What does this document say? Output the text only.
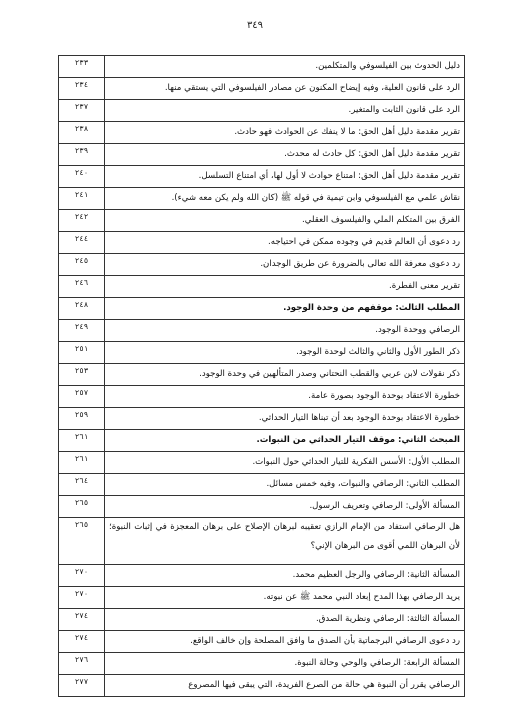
٣٤٩
دليل الحدوث بين الفيلسوفي والمتكلمين.	٢٣٣
الرد على قانون العلية، وفيه إيضاح المكنون عن مصادر الفيلسوفي التي يستقي منها.	٢٣٤
الرد على قانون الثابت والمتغير.	٢٣٧
تقرير مقدمة دليل أهل الحق: ما لا ينفك عن الحوادث فهو حادث.	٢٣٨
تقرير مقدمة دليل أهل الحق: كل حادث له محدث.	٢٣٩
تقرير مقدمة دليل أهل الحق: امتناع حوادث لا أول لها، أي امتناع التسلسل.	٢٤٠
نقاش علمي مع الفيلسوفي وابن تيمية في قوله ﷺ (كان الله ولم يكن معه شيء).	٢٤١
الفرق بين المتكلم الملي والفيلسوف العقلي.	٢٤٢
رد دعوى أن العالم قديم في وجوده ممكن في احتياجه.	٢٤٤
رد دعوى معرفة الله تعالى بالضرورة عن طريق الوجدان.	٢٤٥
تقرير معنى الفطرة.	٢٤٦
المطلب الثالث: موقفهم من وحدة الوجود.	٢٤٨
الرصافي ووحدة الوجود.	٢٤٩
ذكر الطور الأول والثاني والثالث لوحدة الوجود.	٢٥١
ذكر نقولات لابن عربي والقطب النحتاني وصدر المتألهين في وحدة الوجود.	٢٥٣
خطورة الاعتقاد بوحدة الوجود بصورة عامة.	٢٥٧
خطورة الاعتقاد بوحدة الوجود بعد أن تبناها التيار الحداثي.	٢٥٩
المبحث الثاني: موقف التيار الحداثي من النبوات.	٢٦١
المطلب الأول: الأسس الفكرية للتيار الحداثي حول النبوات.	٢٦١
المطلب الثاني: الرصافي والنبوات، وفيه خمس مسائل.	٢٦٤
المسألة الأولى: الرصافي وتعريف الرسول.	٢٦٥
هل الرصافي استفاد من الإمام الرازي تعقيبه لبرهان الإصلاح على برهان المعجزة في إثبات النبوة؛ لأن البرهان اللمي أقوى من البرهان الإني؟	٢٦٥
المسألة الثانية: الرصافي والرجل العظيم محمد.	٢٧٠
يريد الرصافي بهذا المدح إبعاد النبي محمد ﷺ عن نبوته.	٢٧٠
المسألة الثالثة: الرصافي ونظرية الصدق.	٢٧٤
رد دعوى الرصافي البرجماتية بأن الصدق ما وافق المصلحة وإن خالف الواقع.	٢٧٤
المسألة الرابعة: الرصافي والوحي وحالة النبوة.	٢٧٦
الرصافي يقرر أن النبوة هي حالة من الصرع الفريدة، التي يبقى فيها المصروع	٢٧٧
